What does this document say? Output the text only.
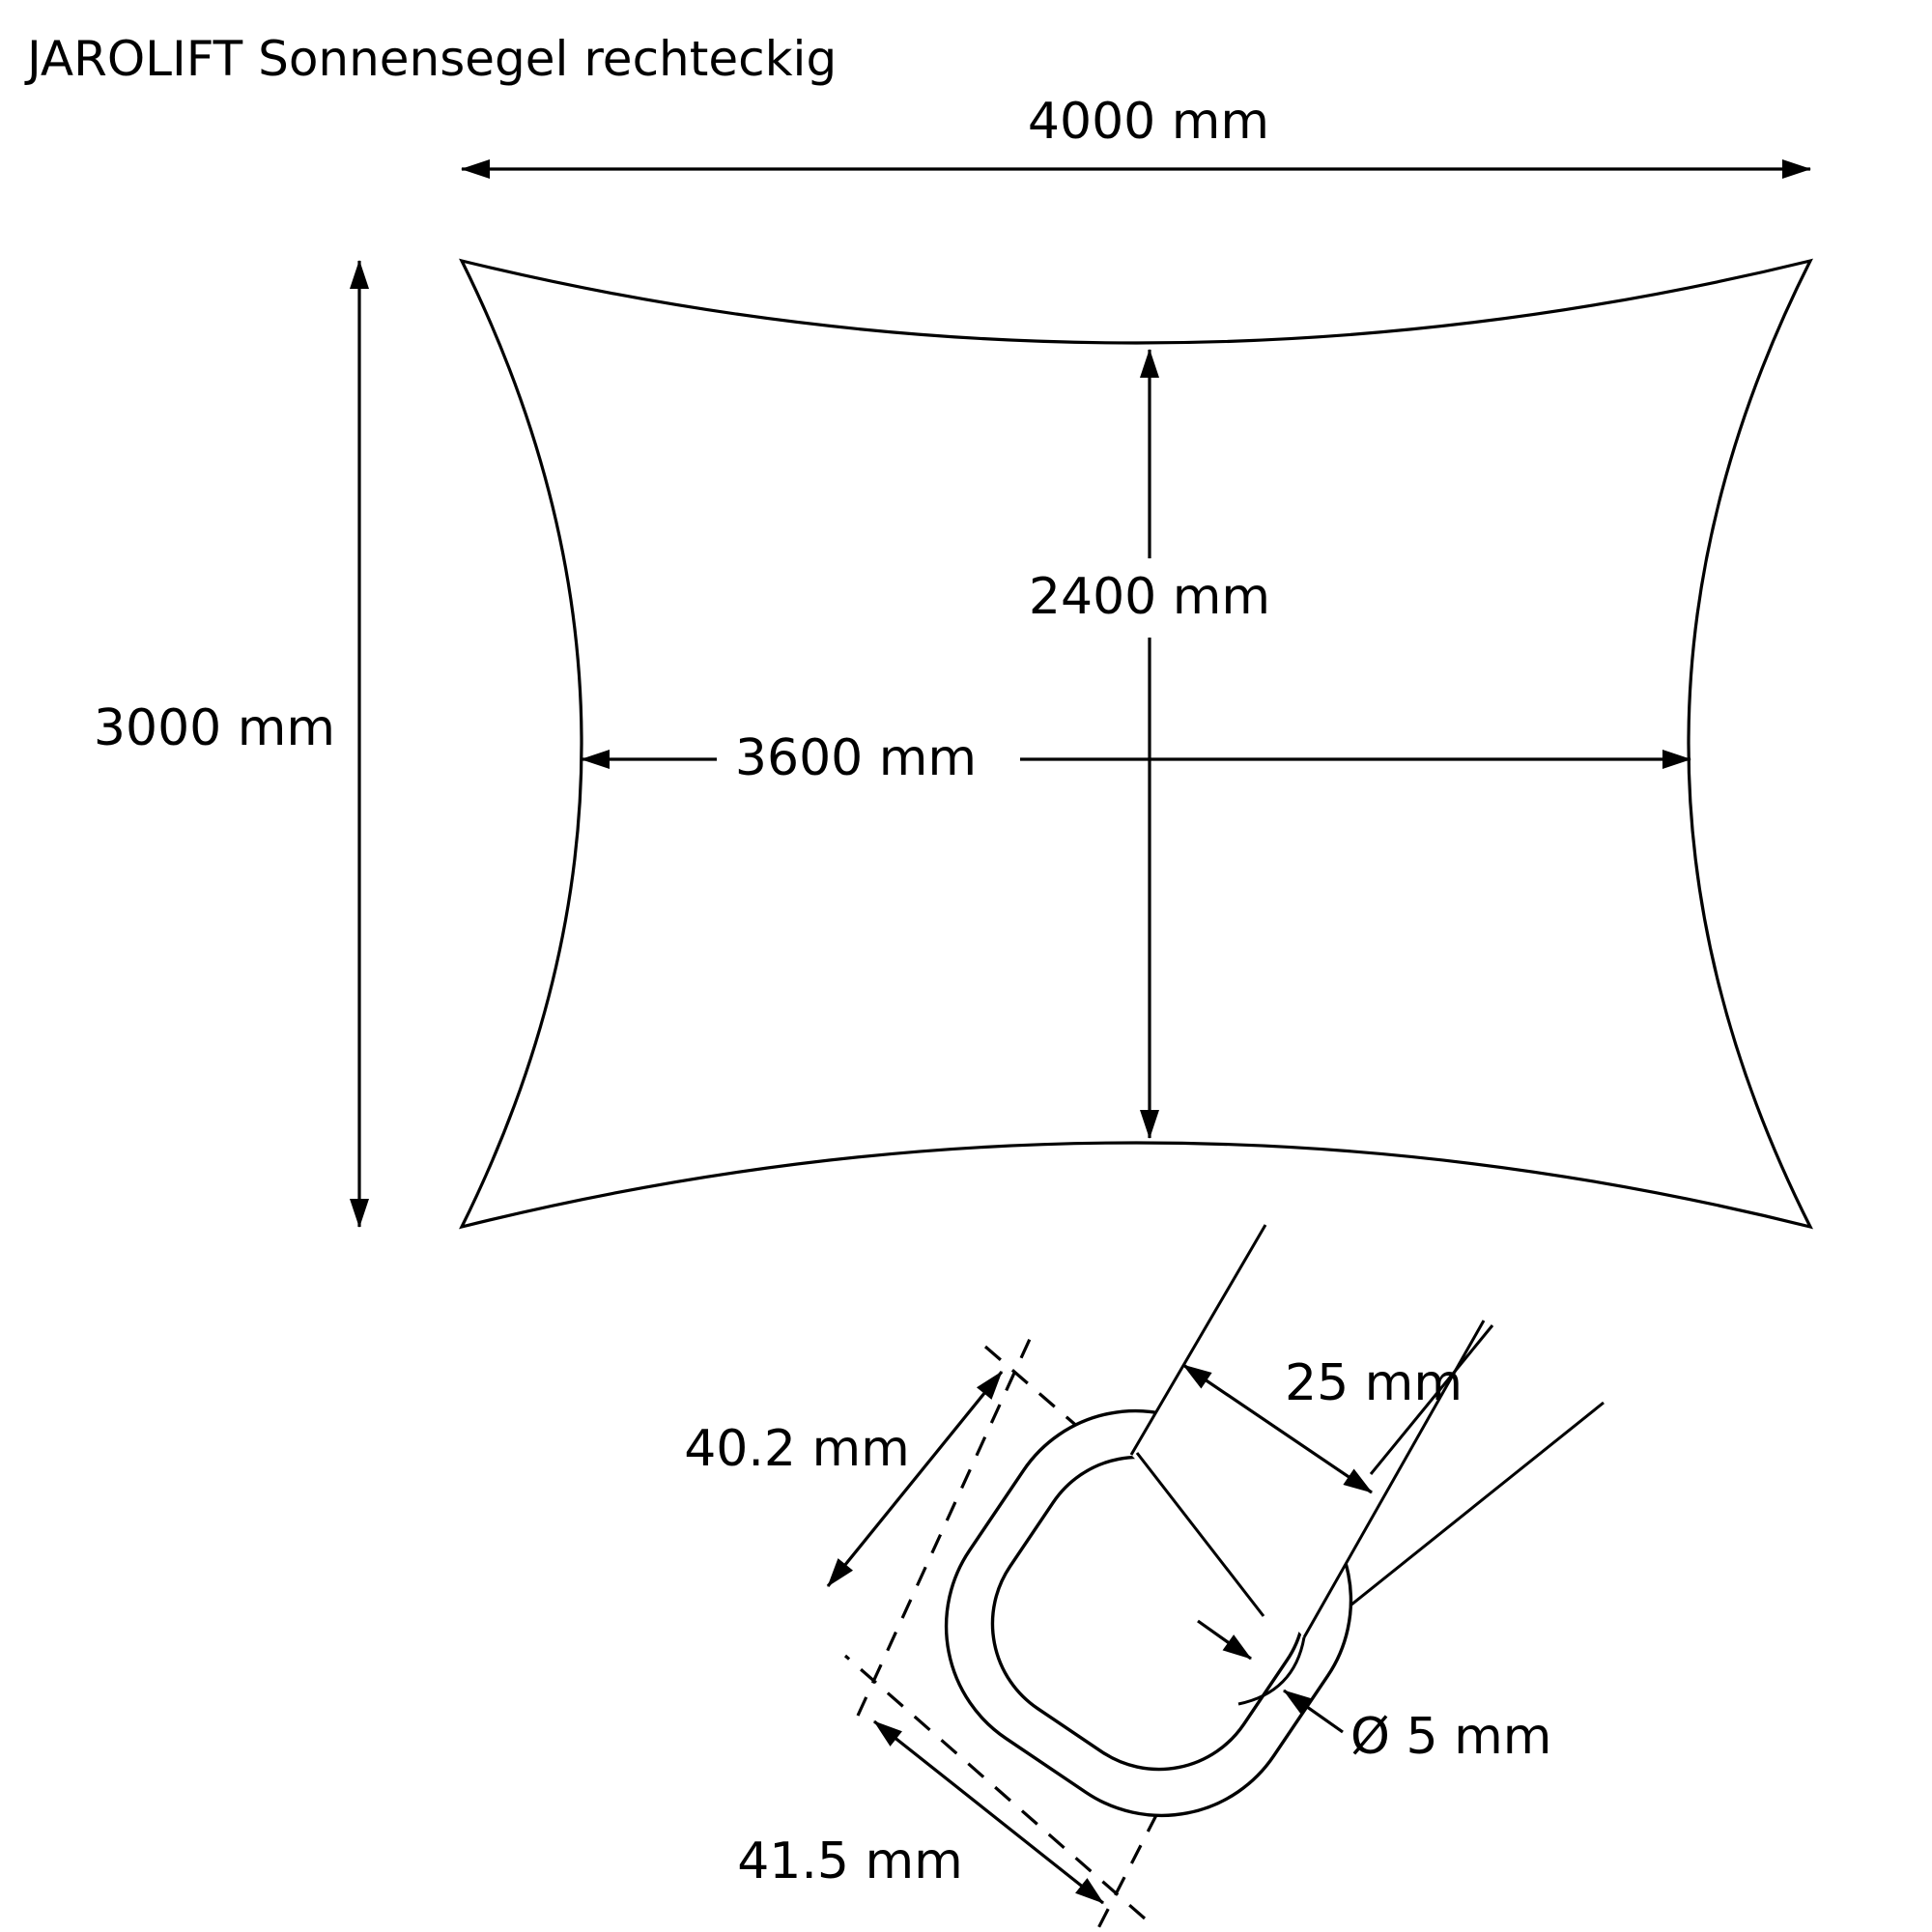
JAROLIFT Sonnensegel rechteckig
4000 mm
3000 mm
2400 mm
3600 mm
25 mm
40.2 mm
41.5 mm
Ø 5 mm
